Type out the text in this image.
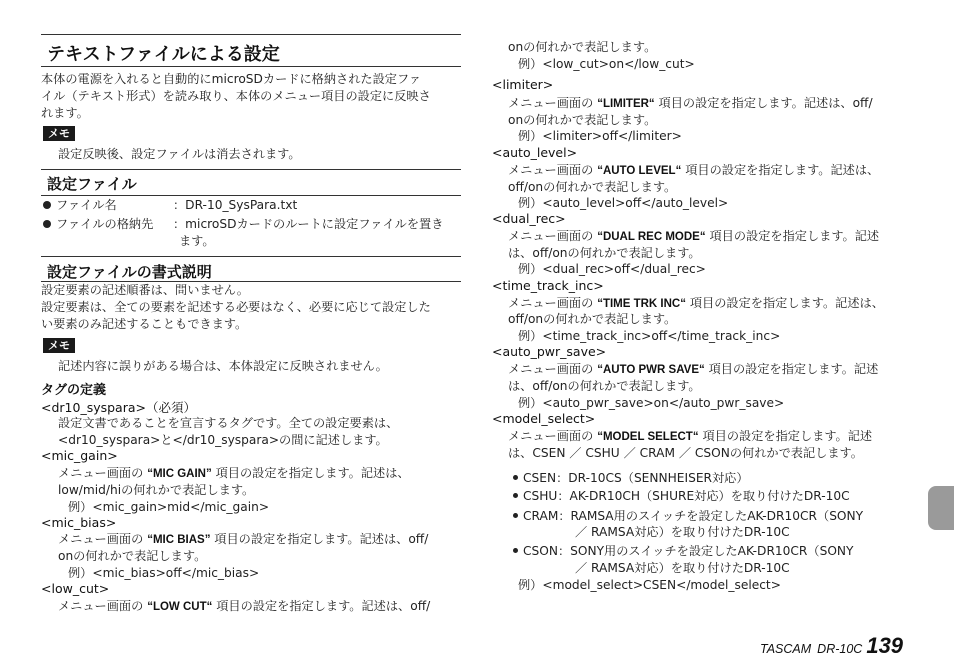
テキストファイルによる設定
本体の電源を入れると自動的にmicroSDカードに格納された設定ファ
イル（テキスト形式）を読み取り、本体のメニュー項目の設定に反映さ
れます。
メモ
設定反映後、設定ファイルは消去されます。
設定ファイル
ファイル名	：DR-10_SysPara.txt
ファイルの格納先 ：microSDカードのルートに設定ファイルを置き
ます。
設定ファイルの書式説明
設定要素の記述順番は、問いません。
設定要素は、全ての要素を記述する必要はなく、必要に応じて設定した
い要素のみ記述することもできます。
メモ
記述内容に誤りがある場合は、本体設定に反映されません。
タグの定義
<dr10_syspara>（必須）
設定文書であることを宣言するタグです。全ての設定要素は、
<dr10_syspara>と</dr10_syspara>の間に記述します。
<mic_gain>
メニュー画面の “MIC GAIN” 項目の設定を指定します。記述は、
low/mid/hiの何れかで表記します。
例）<mic_gain>mid</mic_gain>
<mic_bias>
メニュー画面の “MIC BIAS” 項目の設定を指定します。記述は、off/
onの何れかで表記します。
例）<mic_bias>off</mic_bias>
<low_cut>
メニュー画面の “LOW CUT“ 項目の設定を指定します。記述は、off/
onの何れかで表記します。
例）<low_cut>on</low_cut>
<limiter>
メニュー画面の “LIMITER“ 項目の設定を指定します。記述は、off/
onの何れかで表記します。
例）<limiter>off</limiter>
<auto_level>
メニュー画面の “AUTO LEVEL“ 項目の設定を指定します。記述は、
off/onの何れかで表記します。
例）<auto_level>off</auto_level>
<dual_rec>
メニュー画面の “DUAL REC MODE“ 項目の設定を指定します。記述
は、off/onの何れかで表記します。
例）<dual_rec>off</dual_rec>
<time_track_inc>
メニュー画面の “TIME TRK INC“ 項目の設定を指定します。記述は、
off/onの何れかで表記します。
例）<time_track_inc>off</time_track_inc>
<auto_pwr_save>
メニュー画面の “AUTO PWR SAVE“ 項目の設定を指定します。記述
は、off/onの何れかで表記します。
例）<auto_pwr_save>on</auto_pwr_save>
<model_select>
メニュー画面の “MODEL SELECT“ 項目の設定を指定します。記述
は、CSEN ／ CSHU ／ CRAM ／ CSONの何れかで表記します。
CSEN：DR-10CS（SENNHEISER対応）
CSHU：AK-DR10CH（SHURE対応）を取り付けたDR-10C
CRAM：RAMSA用のスイッチを設定したAK-DR10CR（SONY
／ RAMSA対応）を取り付けたDR-10C
CSON：SONY用のスイッチを設定したAK-DR10CR（SONY
／ RAMSA対応）を取り付けたDR-10C
例）<model_select>CSEN</model_select>
TASCAM DR-10C 139
